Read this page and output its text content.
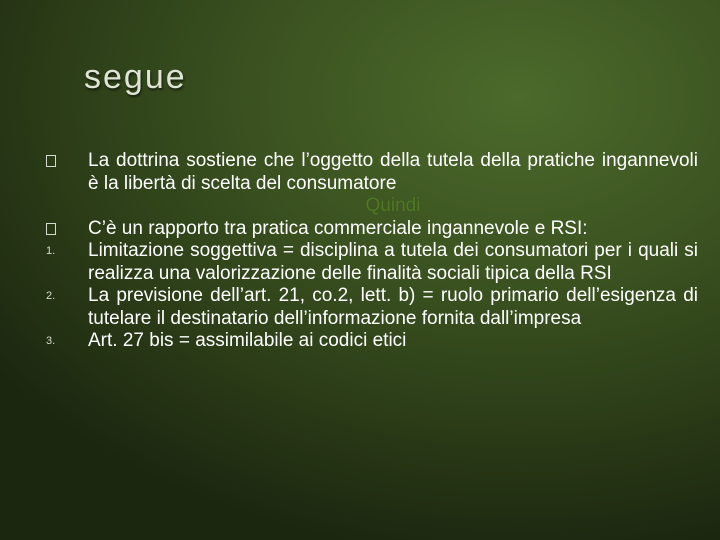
segue
La dottrina sostiene che l’oggetto della tutela della pratiche ingannevoli è la libertà di scelta del consumatore
Quindi
C’è un rapporto tra pratica commerciale ingannevole e RSI:
1.	Limitazione soggettiva = disciplina a tutela dei consumatori per i quali si realizza una valorizzazione delle finalità sociali tipica della RSI
2.	La previsione dell’art. 21, co.2, lett. b) = ruolo primario dell’esigenza di tutelare il destinatario dell’informazione fornita dall’impresa
3.	Art. 27 bis = assimilabile ai codici etici
